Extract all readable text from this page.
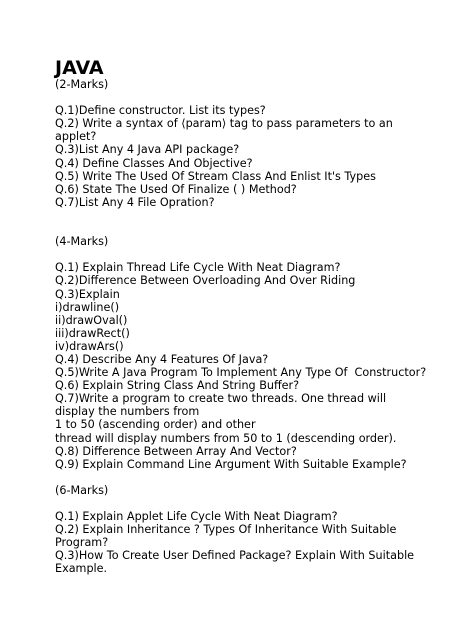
JAVA
(2-Marks)
Q.1)Define constructor. List its types?
Q.2) Write a syntax of ⟨param⟩ tag to pass parameters to an
applet?
Q.3)List Any 4 Java API package?
Q.4) Define Classes And Objective?
Q.5) Write The Used Of Stream Class And Enlist It's Types
Q.6) State The Used Of Finalize ( ) Method?
Q.7)List Any 4 File Opration?
(4-Marks)
Q.1) Explain Thread Life Cycle With Neat Diagram?
Q.2)Difference Between Overloading And Over Riding
Q.3)Explain
i)drawline()
ii)drawOval()
iii)drawRect()
iv)drawArs()
Q.4) Describe Any 4 Features Of Java?
Q.5)Write A Java Program To Implement Any Type Of  Constructor?
Q.6) Explain String Class And String Buffer?
Q.7)Write a program to create two threads. One thread will
display the numbers from
1 to 50 (ascending order) and other
thread will display numbers from 50 to 1 (descending order).
Q.8) Difference Between Array And Vector?
Q.9) Explain Command Line Argument With Suitable Example?
(6-Marks)
Q.1) Explain Applet Life Cycle With Neat Diagram?
Q.2) Explain Inheritance ? Types Of Inheritance With Suitable
Program?
Q.3)How To Create User Defined Package? Explain With Suitable
Example.
